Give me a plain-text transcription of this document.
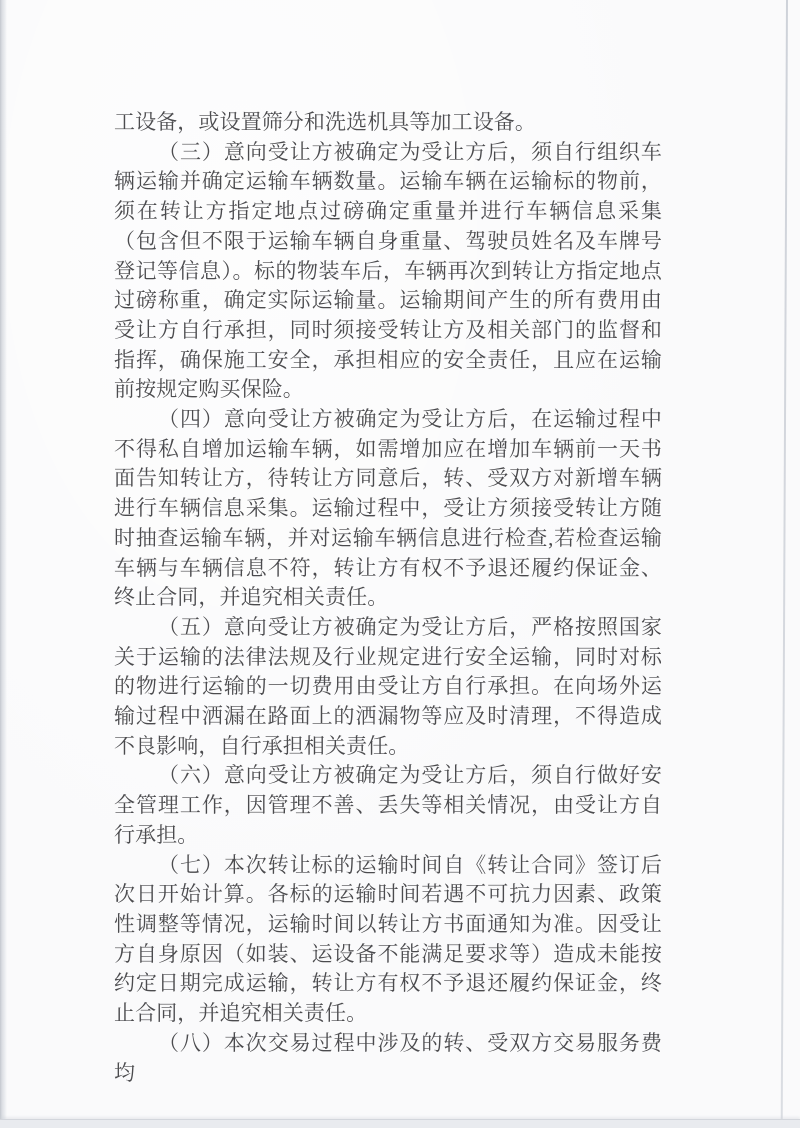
工设备，或设置筛分和洗选机具等加工设备。

（三）意向受让方被确定为受让方后，须自行组织车辆运输并确定运输车辆数量。运输车辆在运输标的物前，须在转让方指定地点过磅确定重量并进行车辆信息采集（包含但不限于运输车辆自身重量、驾驶员姓名及车牌号登记等信息）。标的物装车后，车辆再次到转让方指定地点过磅称重，确定实际运输量。运输期间产生的所有费用由受让方自行承担，同时须接受转让方及相关部门的监督和指挥，确保施工安全，承担相应的安全责任，且应在运输前按规定购买保险。

（四）意向受让方被确定为受让方后，在运输过程中不得私自增加运输车辆，如需增加应在增加车辆前一天书面告知转让方，待转让方同意后，转、受双方对新增车辆进行车辆信息采集。运输过程中，受让方须接受转让方随时抽查运输车辆，并对运输车辆信息进行检查,若检查运输车辆与车辆信息不符，转让方有权不予退还履约保证金、终止合同，并追究相关责任。

（五）意向受让方被确定为受让方后，严格按照国家关于运输的法律法规及行业规定进行安全运输，同时对标的物进行运输的一切费用由受让方自行承担。在向场外运输过程中洒漏在路面上的洒漏物等应及时清理，不得造成不良影响，自行承担相关责任。

（六）意向受让方被确定为受让方后，须自行做好安全管理工作，因管理不善、丢失等相关情况，由受让方自行承担。

（七）本次转让标的运输时间自《转让合同》签订后次日开始计算。各标的运输时间若遇不可抗力因素、政策性调整等情况，运输时间以转让方书面通知为准。因受让方自身原因（如装、运设备不能满足要求等）造成未能按约定日期完成运输，转让方有权不予退还履约保证金，终止合同，并追究相关责任。

（八）本次交易过程中涉及的转、受双方交易服务费均
